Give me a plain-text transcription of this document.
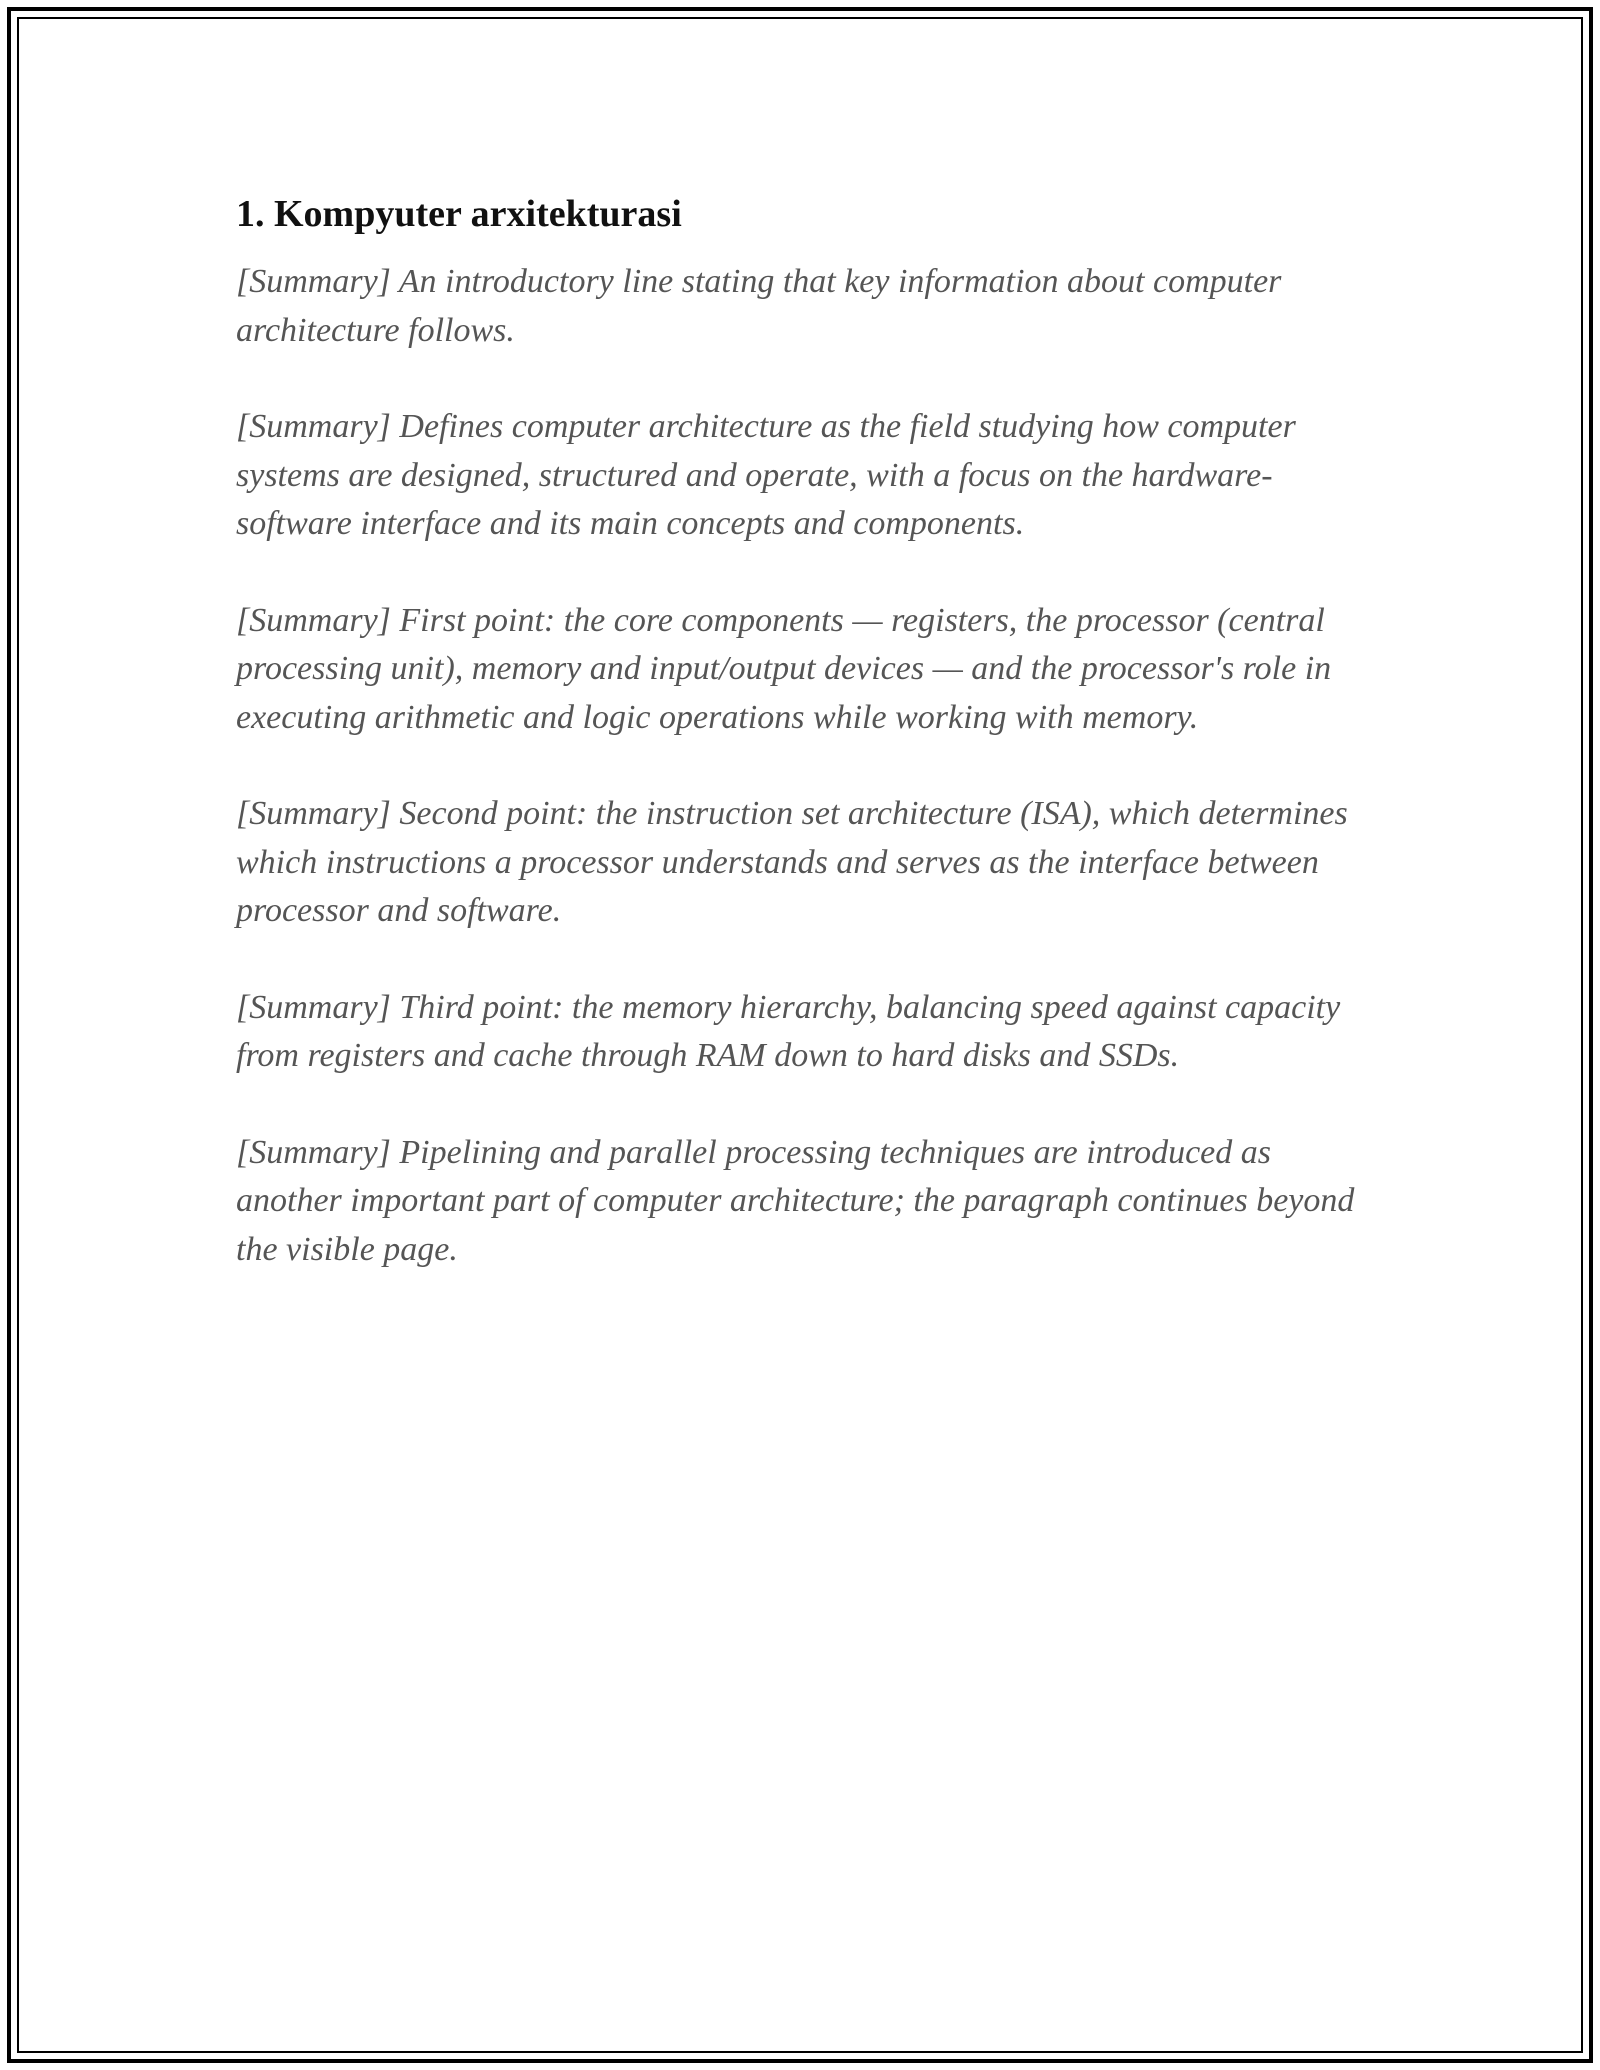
1. Kompyuter arxitekturasi

[Summary] An introductory line stating that key information about computer architecture follows.

[Summary] Defines computer architecture as the field studying how computer systems are designed, structured and operate, with a focus on the hardware-software interface and its main concepts and components.

[Summary] First point: the core components — registers, the processor (central processing unit), memory and input/output devices — and the processor's role in executing arithmetic and logic operations while working with memory.

[Summary] Second point: the instruction set architecture (ISA), which determines which instructions a processor understands and serves as the interface between processor and software.

[Summary] Third point: the memory hierarchy, balancing speed against capacity from registers and cache through RAM down to hard disks and SSDs.

[Summary] Pipelining and parallel processing techniques are introduced as another important part of computer architecture; the paragraph continues beyond the visible page.
